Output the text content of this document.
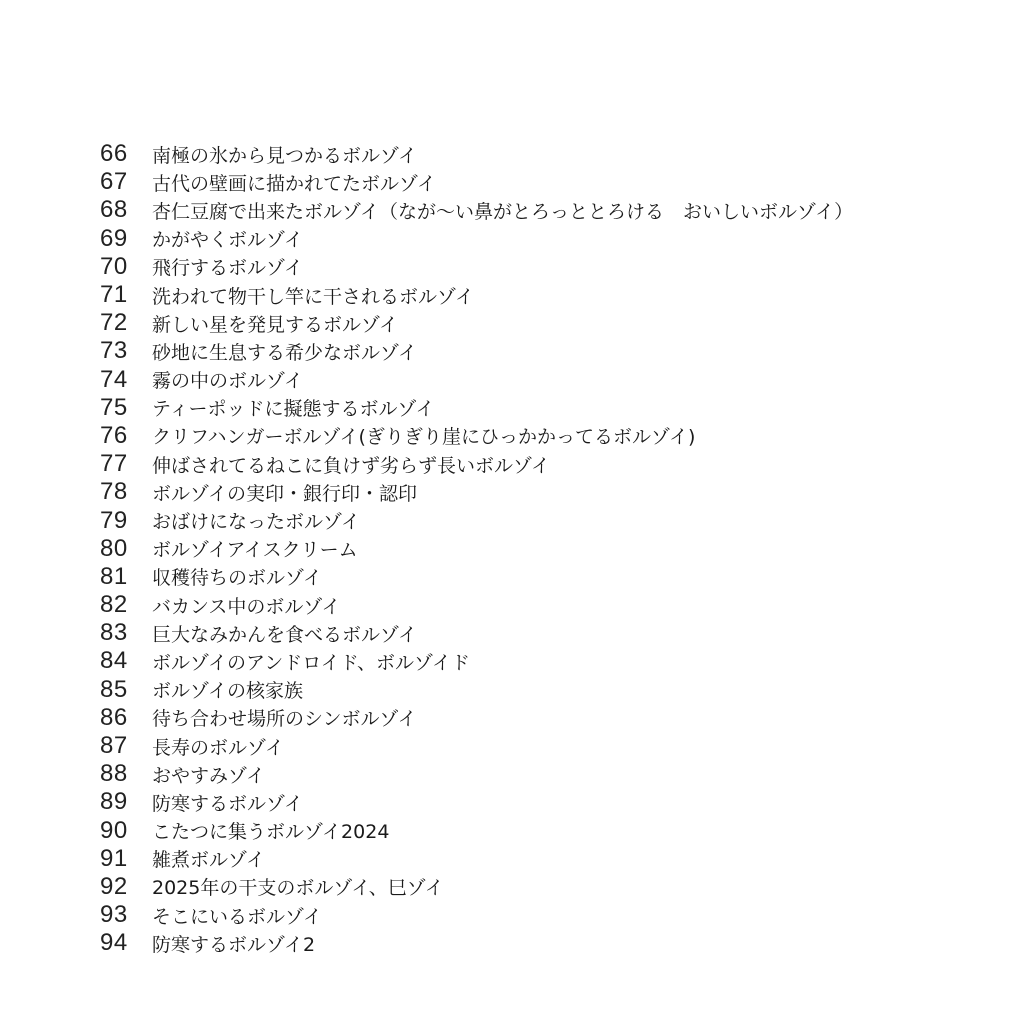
66	南極の氷から見つかるボルゾイ
67	古代の壁画に描かれてたボルゾイ
68	杏仁豆腐で出来たボルゾイ（なが〜い鼻がとろっととろける　おいしいボルゾイ）
69	かがやくボルゾイ
70	飛行するボルゾイ
71	洗われて物干し竿に干されるボルゾイ
72	新しい星を発見するボルゾイ
73	砂地に生息する希少なボルゾイ
74	霧の中のボルゾイ
75	ティーポッドに擬態するボルゾイ
76	クリフハンガーボルゾイ(ぎりぎり崖にひっかかってるボルゾイ)
77	伸ばされてるねこに負けず劣らず長いボルゾイ
78	ボルゾイの実印・銀行印・認印
79	おばけになったボルゾイ
80	ボルゾイアイスクリーム
81	収穫待ちのボルゾイ
82	バカンス中のボルゾイ
83	巨大なみかんを食べるボルゾイ
84	ボルゾイのアンドロイド、ボルゾイド
85	ボルゾイの核家族
86	待ち合わせ場所のシンボルゾイ
87	長寿のボルゾイ
88	おやすみゾイ
89	防寒するボルゾイ
90	こたつに集うボルゾイ2024
91	雑煮ボルゾイ
92	2025年の干支のボルゾイ、巳ゾイ
93	そこにいるボルゾイ
94	防寒するボルゾイ2
